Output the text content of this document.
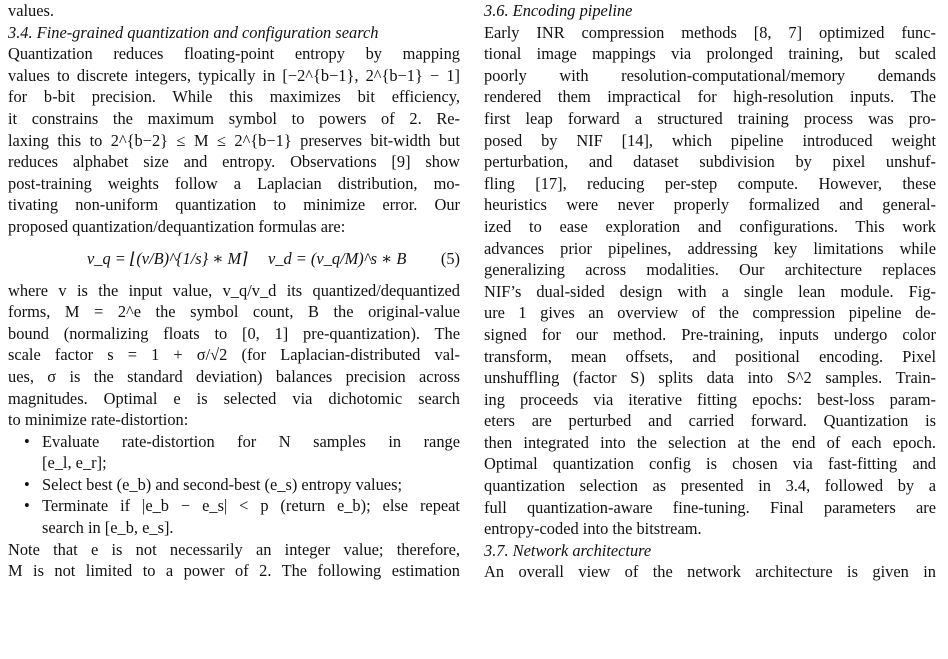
values.
3.4. Fine-grained quantization and configuration search
Quantization reduces floating-point entropy by mapping
values to discrete integers, typically in [−2^{b−1}, 2^{b−1} − 1]
for b-bit precision. While this maximizes bit efficiency,
it constrains the maximum symbol to powers of 2. Re-
laxing this to 2^{b−2} ≤ M ≤ 2^{b−1} preserves bit-width but
reduces alphabet size and entropy. Observations [9] show
post-training weights follow a Laplacian distribution, mo-
tivating non-uniform quantization to minimize error. Our
proposed quantization/dequantization formulas are:
v_q = ⌊(v/B)^{1/s} ∗ M⌉ v_d = (v_q/M)^s ∗ B (5)
where v is the input value, v_q/v_d its quantized/dequantized
forms, M = 2^e the symbol count, B the original-value
bound (normalizing floats to [0, 1] pre-quantization). The
scale factor s = 1 + σ/√2 (for Laplacian-distributed val-
ues, σ is the standard deviation) balances precision across
magnitudes. Optimal e is selected via dichotomic search
to minimize rate-distortion:
• Evaluate rate-distortion for N samples in range
[e_l, e_r];
• Select best (e_b) and second-best (e_s) entropy values;
• Terminate if |e_b − e_s| < p (return e_b); else repeat
search in [e_b, e_s].
Note that e is not necessarily an integer value; therefore,
M is not limited to a power of 2. The following estimation
3.6. Encoding pipeline
Early INR compression methods [8, 7] optimized func-
tional image mappings via prolonged training, but scaled
poorly with resolution-computational/memory demands
rendered them impractical for high-resolution inputs. The
first leap forward a structured training process was pro-
posed by NIF [14], which pipeline introduced weight
perturbation, and dataset subdivision by pixel unshuf-
fling [17], reducing per-step compute. However, these
heuristics were never properly formalized and general-
ized to ease exploration and configurations. This work
advances prior pipelines, addressing key limitations while
generalizing across modalities. Our architecture replaces
NIF’s dual-sided design with a single lean module. Fig-
ure 1 gives an overview of the compression pipeline de-
signed for our method. Pre-training, inputs undergo color
transform, mean offsets, and positional encoding. Pixel
unshuffling (factor S) splits data into S^2 samples. Train-
ing proceeds via iterative fitting epochs: best-loss param-
eters are perturbed and carried forward. Quantization is
then integrated into the selection at the end of each epoch.
Optimal quantization config is chosen via fast-fitting and
quantization selection as presented in 3.4, followed by a
full quantization-aware fine-tuning. Final parameters are
entropy-coded into the bitstream.
3.7. Network architecture
An overall view of the network architecture is given in
